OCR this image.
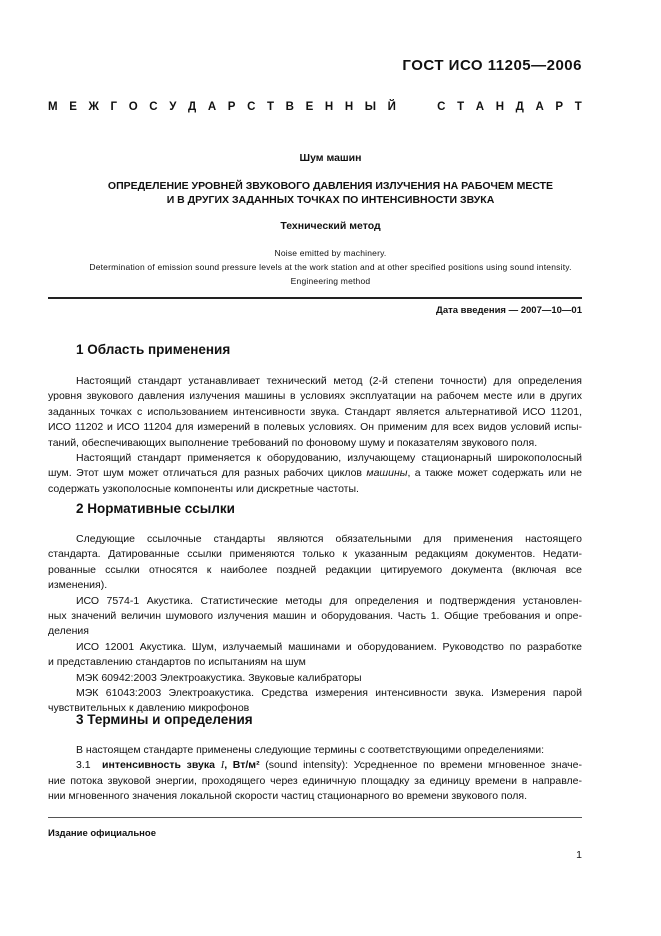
ГОСТ ИСО 11205—2006
М Е Ж Г О С У Д А Р С Т В Е Н Н Ы Й	С Т А Н Д А Р Т
Шум машин
ОПРЕДЕЛЕНИЕ УРОВНЕЙ ЗВУКОВОГО ДАВЛЕНИЯ ИЗЛУЧЕНИЯ НА РАБОЧЕМ МЕСТЕ
И В ДРУГИХ ЗАДАННЫХ ТОЧКАХ ПО ИНТЕНСИВНОСТИ ЗВУКА
Технический метод
Noise emitted by machinery.
Determination of emission sound pressure levels at the work station and at other specified positions using sound intensity.
Engineering method
Дата введения — 2007—10—01
1 Область применения
Настоящий стандарт устанавливает технический метод (2-й степени точности) для определения
уровня звукового давления излучения машины в условиях эксплуатации на рабочем месте или в других
заданных точках с использованием интенсивности звука. Стандарт является альтернативой ИСО 11201,
ИСО 11202 и ИСО 11204 для измерений в полевых условиях. Он применим для всех видов условий испы-
таний, обеспечивающих выполнение требований по фоновому шуму и показателям звукового поля.
Настоящий стандарт применяется к оборудованию, излучающему стационарный широкополосный
шум. Этот шум может отличаться для разных рабочих циклов машины, а также может содержать или не
содержать узкополосные компоненты или дискретные частоты.
2 Нормативные ссылки
Следующие ссылочные стандарты являются обязательными для применения настоящего
стандарта. Датированные ссылки применяются только к указанным редакциям документов. Недати-
рованные ссылки относятся к наиболее поздней редакции цитируемого документа (включая все
изменения).
ИСО 7574-1 Акустика. Статистические методы для определения и подтверждения установлен-
ных значений величин шумового излучения машин и оборудования. Часть 1. Общие требования и опре-
деления
ИСО 12001 Акустика. Шум, излучаемый машинами и оборудованием. Руководство по разработке
и представлению стандартов по испытаниям на шум
МЭК 60942:2003 Электроакустика. Звуковые калибраторы
МЭК 61043:2003 Электроакустика. Средства измерения интенсивности звука. Измерения парой
чувствительных к давлению микрофонов
3 Термины и определения
В настоящем стандарте применены следующие термины с соответствующими определениями:
3.1 интенсивность звука I, Вт/м² (sound intensity): Усредненное по времени мгновенное значе-
ние потока звуковой энергии, проходящего через единичную площадку за единицу времени в направле-
нии мгновенного значения локальной скорости частиц стационарного во времени звукового поля.
Издание официальное
1
